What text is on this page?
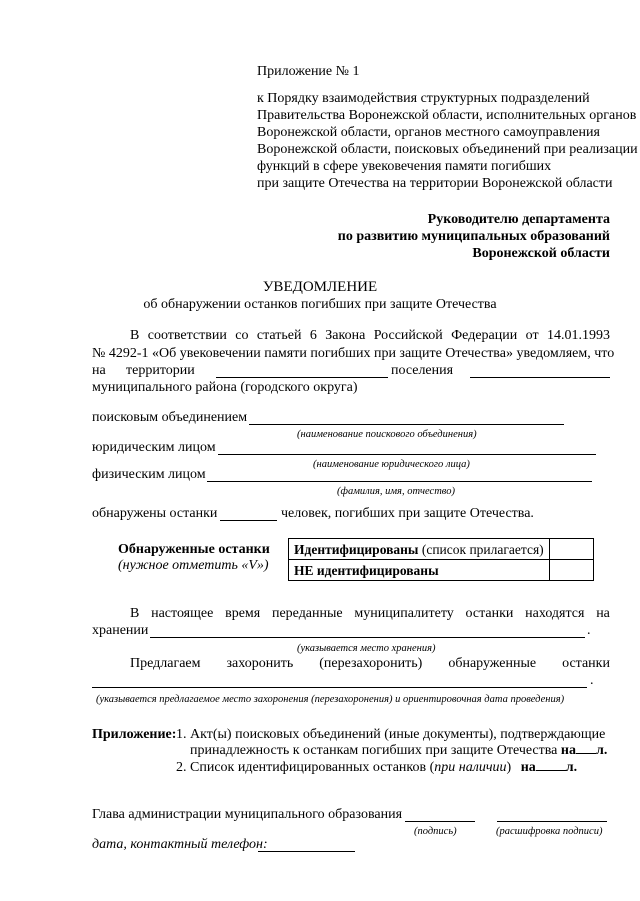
Приложение № 1
к Порядку взаимодействия структурных подразделений
Правительства Воронежской области, исполнительных органов
Воронежской области, органов местного самоуправления
Воронежской области, поисковых объединений при реализации
функций в сфере увековечения памяти погибших
при защите Отечества на территории Воронежской области
Руководителю департамента
по развитию муниципальных образований
Воронежской области
УВЕДОМЛЕНИЕ
об обнаружении останков погибших при защите Отечества
В соответствии со статьей 6 Закона Российской Федерации от 14.01.1993
№ 4292-1 «Об увековечении памяти погибших при защите Отечества» уведомляем, что
на территории	поселения
муниципального района (городского округа)
поисковым объединением
(наименование поискового объединения)
юридическим лицом
(наименование юридического лица)
физическим лицом
(фамилия, имя, отчество)
обнаружены останки	человек, погибших при защите Отечества.
Обнаруженные останки
(нужное отметить «V»)
Идентифицированы (список прилагается)	
НЕ идентифицированы	
В настоящее время переданные муниципалитету останки находятся на
хранении	.
(указывается место хранения)
Предлагаем захоронить (перезахоронить) обнаруженные останки
.
(указывается предлагаемое место захоронения (перезахоронения) и ориентировочная дата проведения)
Приложение: 1. Акт(ы) поисковых объединений (иные документы), подтверждающие
принадлежность к останкам погибших при защите Отечества на л.
2. Список идентифицированных останков (при наличии) на л.
Глава администрации муниципального образования
(подпись)	(расшифровка подписи)
дата, контактный телефон:
